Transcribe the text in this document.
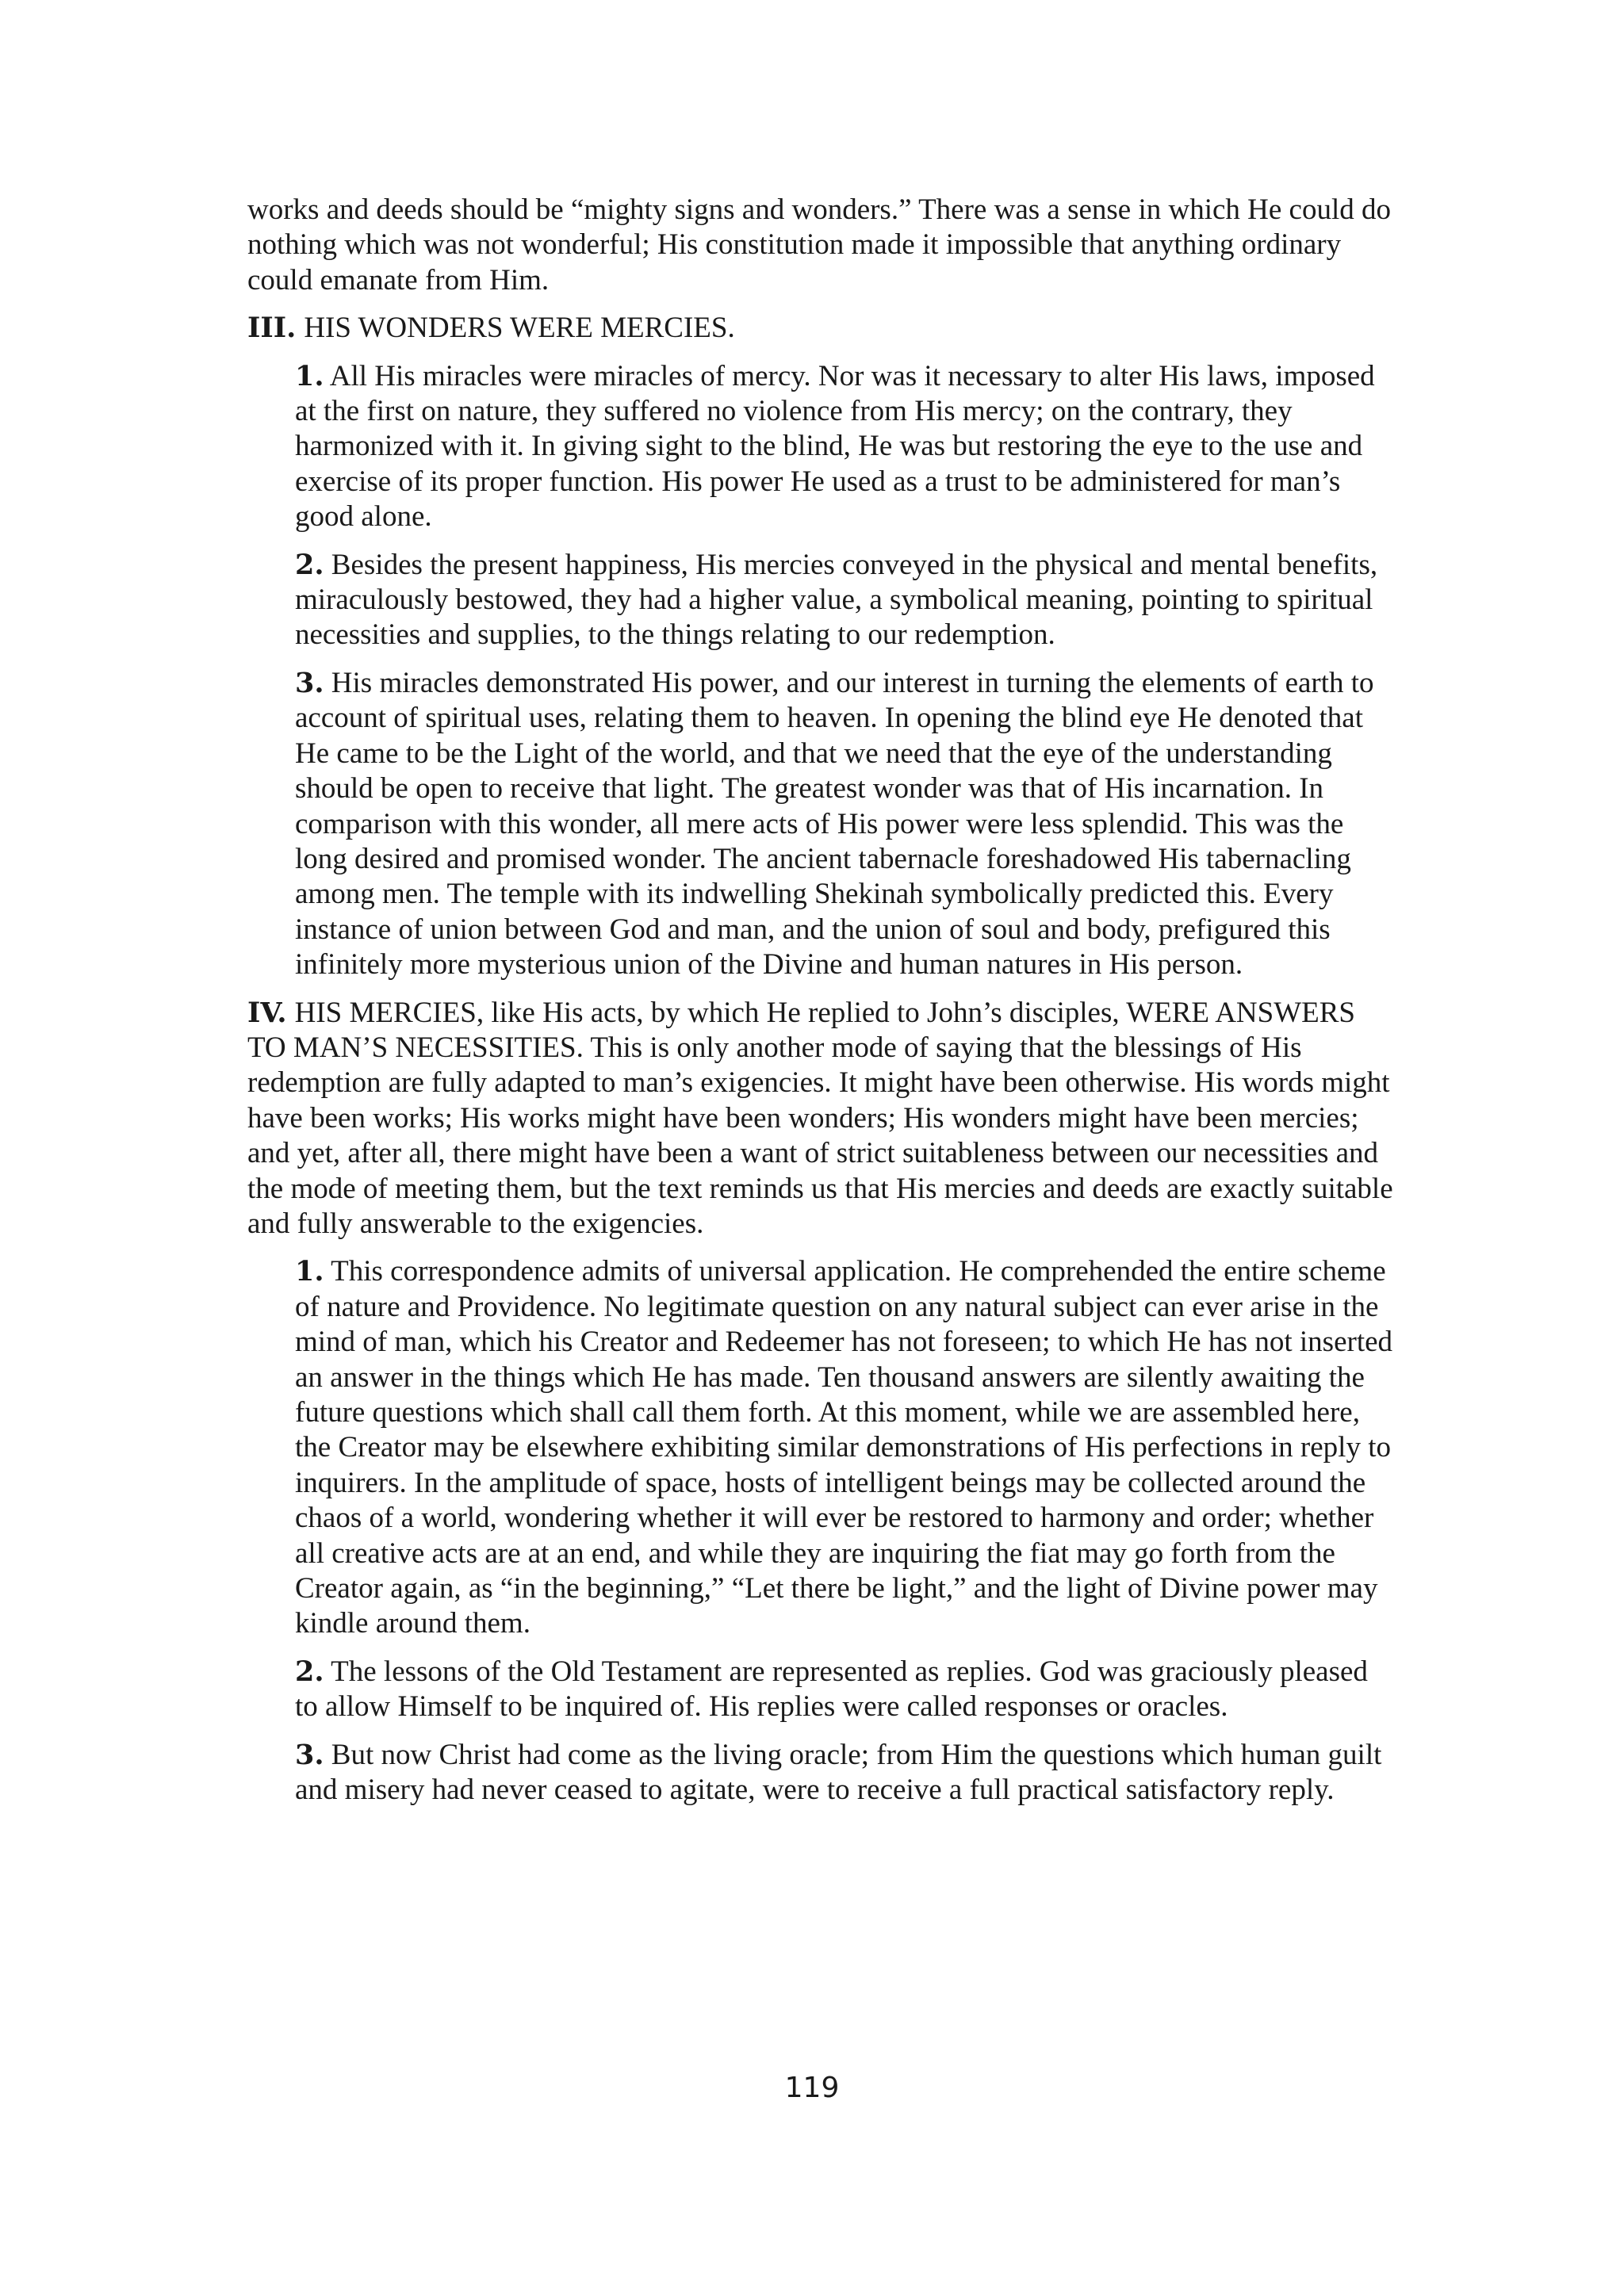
works and deeds should be “mighty signs and wonders.” There was a sense in which He could do nothing which was not wonderful; His constitution made it impossible that anything ordinary could emanate from Him.

III. HIS WONDERS WERE MERCIES.

1. All His miracles were miracles of mercy. Nor was it necessary to alter His laws, imposed at the first on nature, they suffered no violence from His mercy; on the contrary, they harmonized with it. In giving sight to the blind, He was but restoring the eye to the use and exercise of its proper function. His power He used as a trust to be administered for man’s good alone.

2. Besides the present happiness, His mercies conveyed in the physical and mental benefits, miraculously bestowed, they had a higher value, a symbolical meaning, pointing to spiritual necessities and supplies, to the things relating to our redemption.

3. His miracles demonstrated His power, and our interest in turning the elements of earth to account of spiritual uses, relating them to heaven. In opening the blind eye He denoted that He came to be the Light of the world, and that we need that the eye of the understanding should be open to receive that light. The greatest wonder was that of His incarnation. In comparison with this wonder, all mere acts of His power were less splendid. This was the long desired and promised wonder. The ancient tabernacle foreshadowed His tabernacling among men. The temple with its indwelling Shekinah symbolically predicted this. Every instance of union between God and man, and the union of soul and body, prefigured this infinitely more mysterious union of the Divine and human natures in His person.

IV. HIS MERCIES, like His acts, by which He replied to John’s disciples, WERE ANSWERS TO MAN’S NECESSITIES. This is only another mode of saying that the blessings of His redemption are fully adapted to man’s exigencies. It might have been otherwise. His words might have been works; His works might have been wonders; His wonders might have been mercies; and yet, after all, there might have been a want of strict suitableness between our necessities and the mode of meeting them, but the text reminds us that His mercies and deeds are exactly suitable and fully answerable to the exigencies.

1. This correspondence admits of universal application. He comprehended the entire scheme of nature and Providence. No legitimate question on any natural subject can ever arise in the mind of man, which his Creator and Redeemer has not foreseen; to which He has not inserted an answer in the things which He has made. Ten thousand answers are silently awaiting the future questions which shall call them forth. At this moment, while we are assembled here, the Creator may be elsewhere exhibiting similar demonstrations of His perfections in reply to inquirers. In the amplitude of space, hosts of intelligent beings may be collected around the chaos of a world, wondering whether it will ever be restored to harmony and order; whether all creative acts are at an end, and while they are inquiring the fiat may go forth from the Creator again, as “in the beginning,” “Let there be light,” and the light of Divine power may kindle around them.

2. The lessons of the Old Testament are represented as replies. God was graciously pleased to allow Himself to be inquired of. His replies were called responses or oracles.

3. But now Christ had come as the living oracle; from Him the questions which human guilt and misery had never ceased to agitate, were to receive a full practical satisfactory reply.

119
